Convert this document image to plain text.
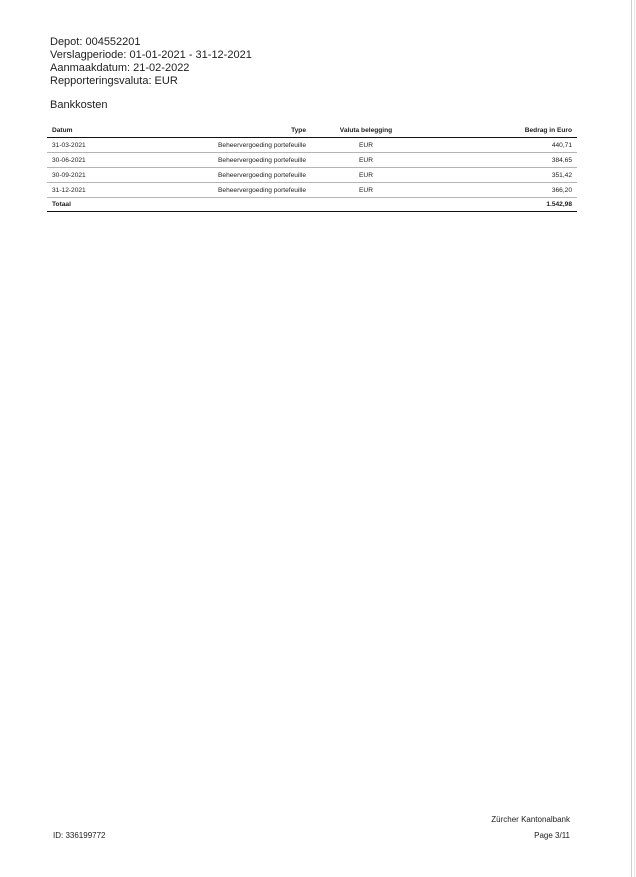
Depot: 004552201
Verslagperiode: 01-01-2021 - 31-12-2021
Aanmaakdatum: 21-02-2022
Repporteringsvaluta: EUR
Bankkosten
Datum	Type	Valuta belegging	Bedrag in Euro
31-03-2021	Beheervergoeding portefeuille	EUR	440,71
30-06-2021	Beheervergoeding portefeuille	EUR	384,65
30-09-2021	Beheervergoeding portefeuille	EUR	351,42
31-12-2021	Beheervergoeding portefeuille	EUR	366,20
Totaal			1.542,98
Zürcher Kantonalbank
ID: 336199772	Page 3/11
